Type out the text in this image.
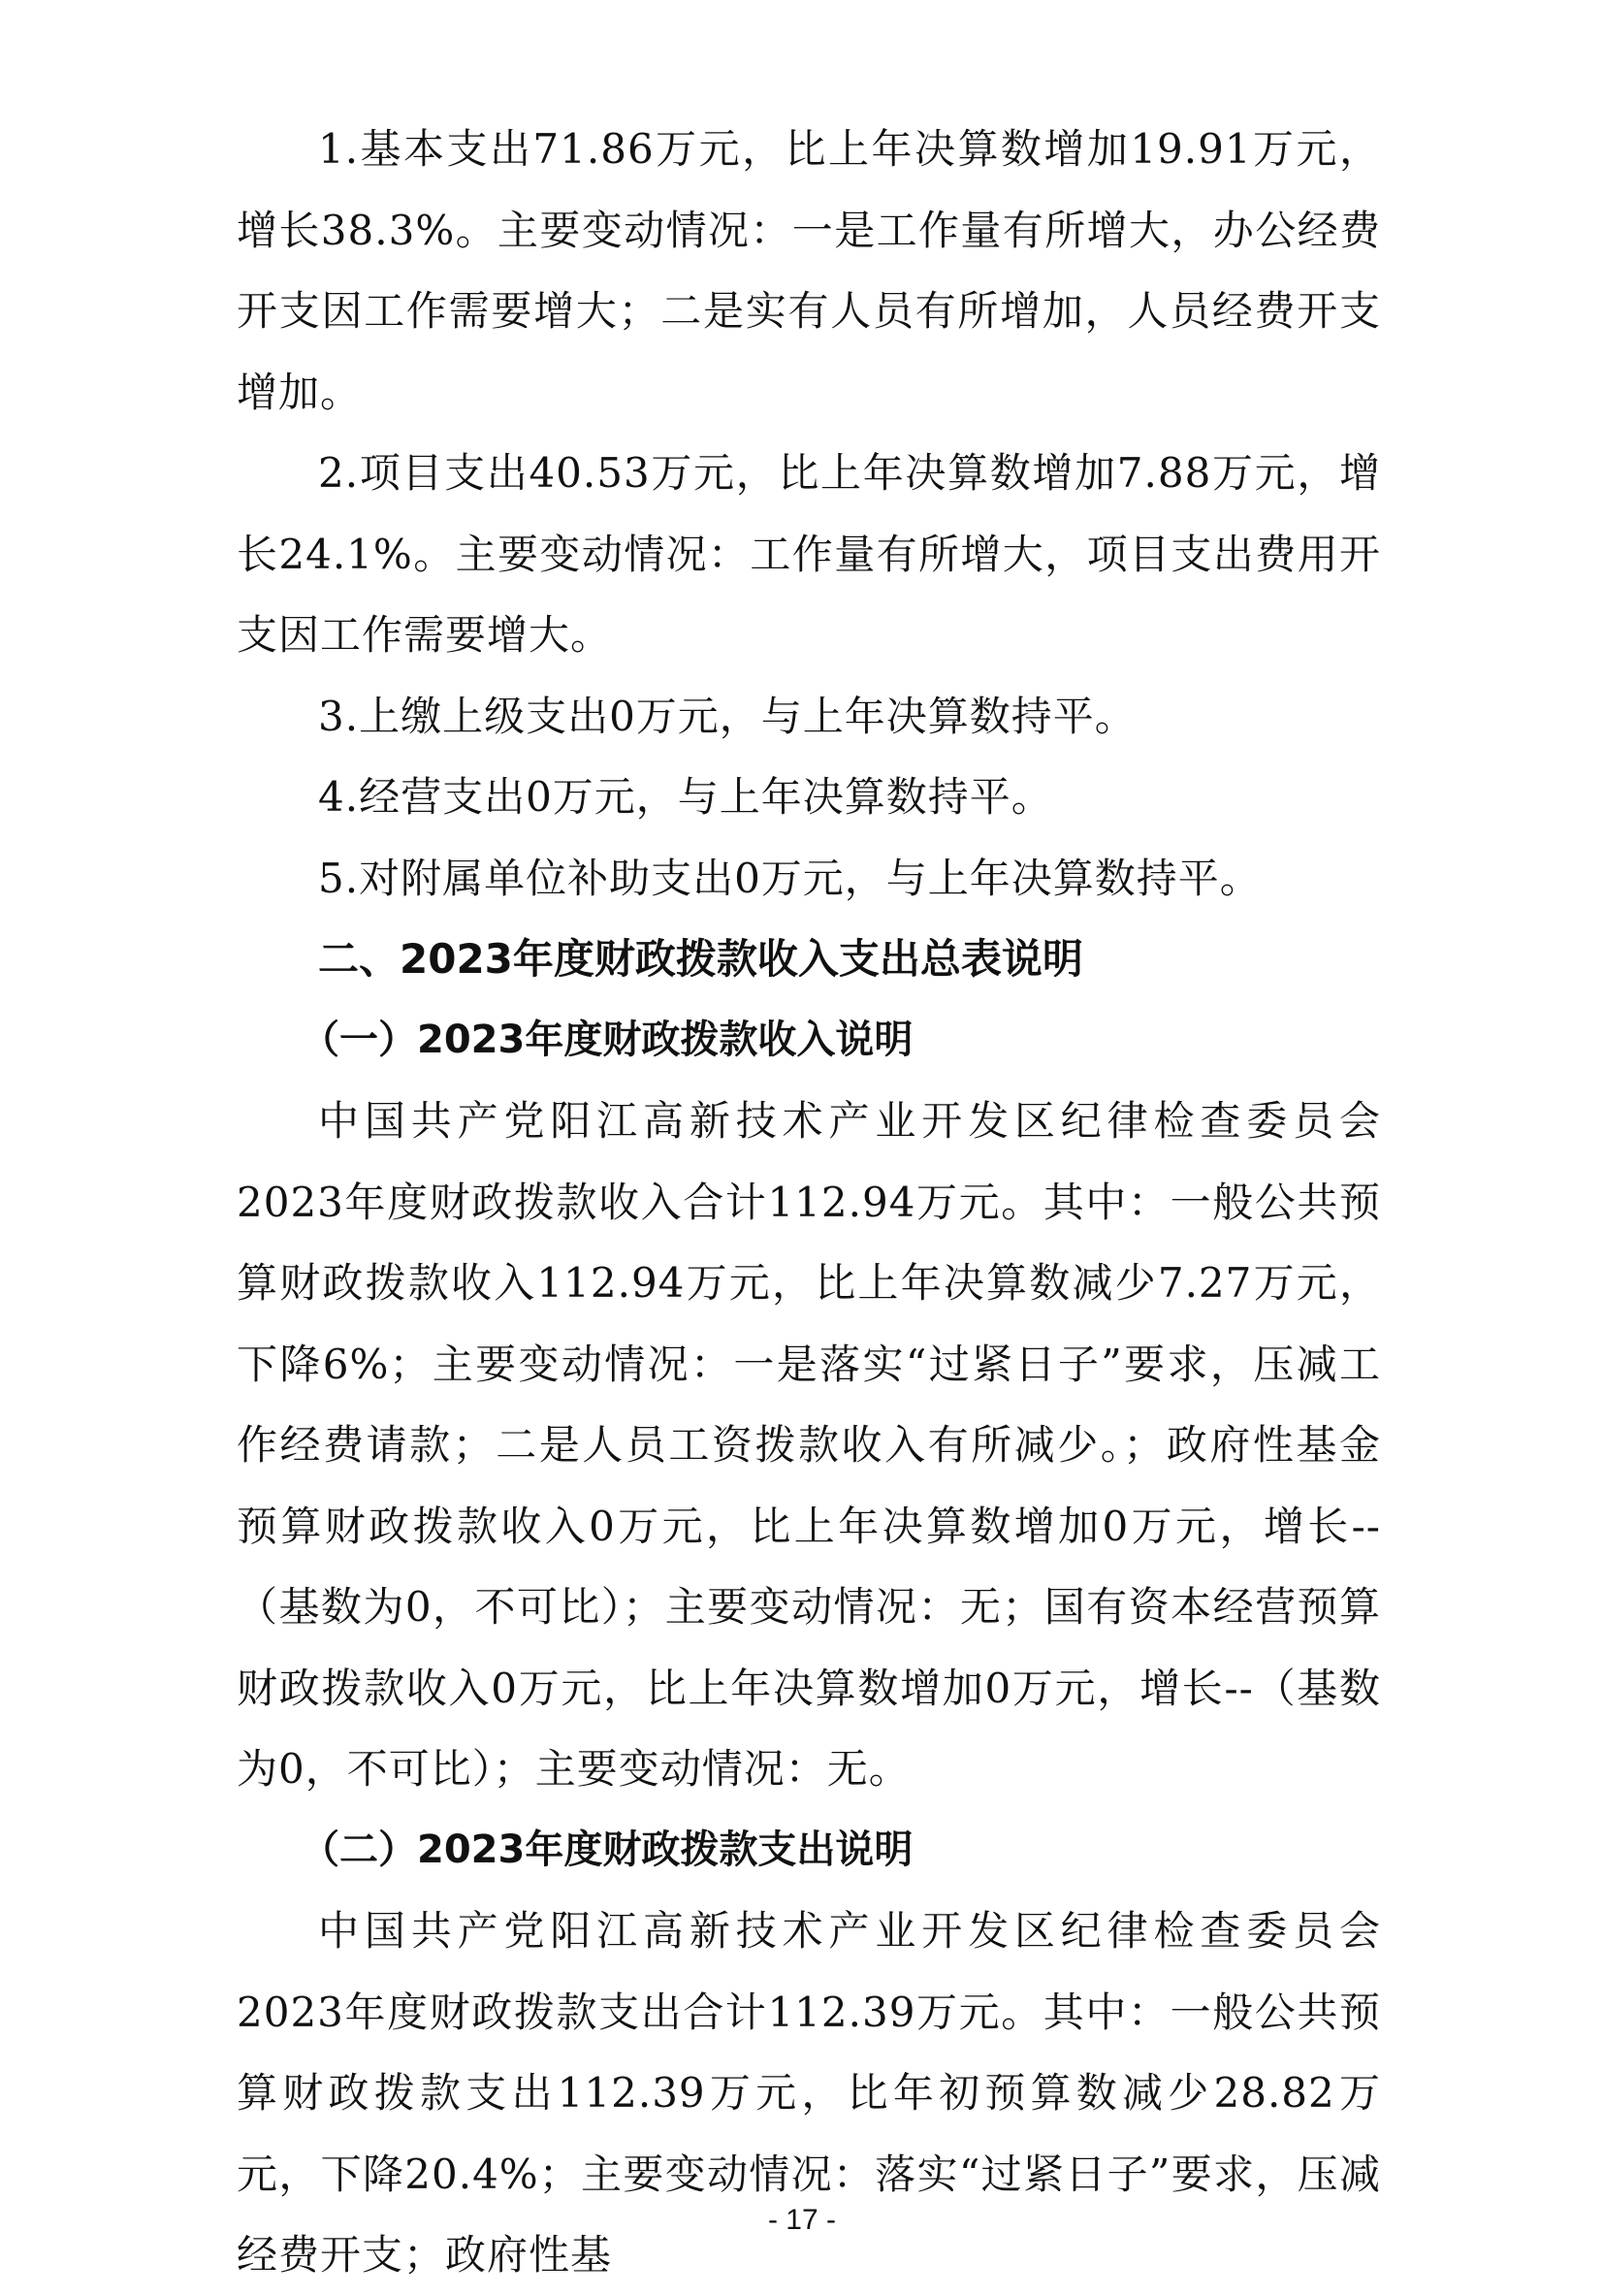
1.基本支出71.86万元，比上年决算数增加19.91万元，增长38.3%。主要变动情况：一是工作量有所增大，办公经费开支因工作需要增大；二是实有人员有所增加，人员经费开支增加。

2.项目支出40.53万元，比上年决算数增加7.88万元，增长24.1%。主要变动情况：工作量有所增大，项目支出费用开支因工作需要增大。

3.上缴上级支出0万元，与上年决算数持平。

4.经营支出0万元，与上年决算数持平。

5.对附属单位补助支出0万元，与上年决算数持平。

二、2023年度财政拨款收入支出总表说明
（一）2023年度财政拨款收入说明

中国共产党阳江高新技术产业开发区纪律检查委员会2023年度财政拨款收入合计112.94万元。其中：一般公共预算财政拨款收入112.94万元，比上年决算数减少7.27万元，下降6%；主要变动情况：一是落实“过紧日子”要求，压减工作经费请款；二是人员工资拨款收入有所减少。；政府性基金预算财政拨款收入0万元，比上年决算数增加0万元，增长--（基数为0，不可比）；主要变动情况：无；国有资本经营预算财政拨款收入0万元，比上年决算数增加0万元，增长--（基数为0，不可比）；主要变动情况：无。

（二）2023年度财政拨款支出说明

中国共产党阳江高新技术产业开发区纪律检查委员会2023年度财政拨款支出合计112.39万元。其中：一般公共预算财政拨款支出112.39万元，比年初预算数减少28.82万元，下降20.4%；主要变动情况：落实“过紧日子”要求，压减经费开支；政府性基

- 17 -
